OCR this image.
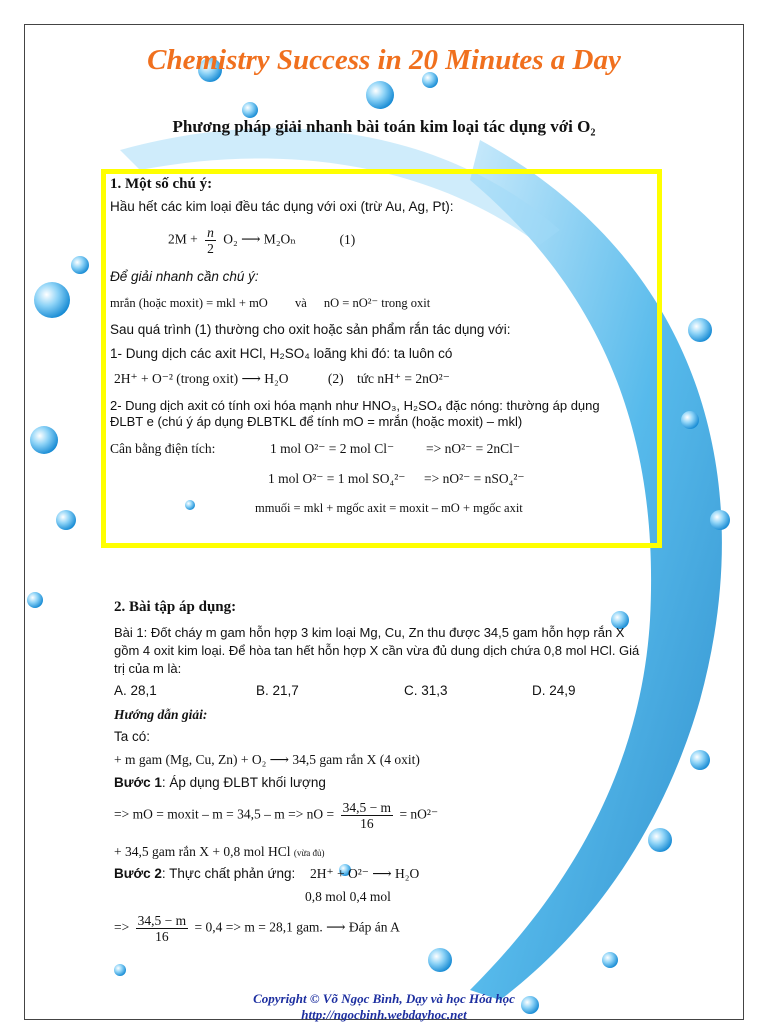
Chemistry Success in 20 Minutes a Day
Phương pháp giải nhanh bài toán kim loại tác dụng với O₂
1. Một số chú ý:
Hầu hết các kim loại đều tác dụng với oxi (trừ Au, Ag, Pt):
$2M + \frac{n}{2} O_2$ ⟶ M₂Oₙ	(1)
Để giải nhanh cần chú ý:
mrắn (hoặc moxit) = mkl + mO và nO = nO²⁻ trong oxit
Sau quá trình (1) thường cho oxit hoặc sản phẩm rắn tác dụng với:
1- Dung dịch các axit HCl, H₂SO₄ loãng khi đó: ta luôn có
2H⁺ + O⁻² (trong oxit) ⟶ H₂O	(2) tức nH⁺ = 2nO²⁻
2- Dung dịch axit có tính oxi hóa mạnh như HNO₃, H₂SO₄ đặc nóng: thường áp dụng
ĐLBT e (chú ý áp dụng ĐLBTKL để tính mO = mrắn (hoặc moxit) – mkl)
Cân bằng điện tích:	1 mol O²⁻ = 2 mol Cl⁻ => nO²⁻ = 2nCl⁻
1 mol O²⁻ = 1 mol SO₄²⁻ => nO²⁻ = nSO₄²⁻
mmuối = mkl + mgốc axit = moxit – mO + mgốc axit
2. Bài tập áp dụng:
Bài 1: Đốt cháy m gam hỗn hợp 3 kim loại Mg, Cu, Zn thu được 34,5 gam hỗn hợp rắn X
gồm 4 oxit kim loại. Để hòa tan hết hỗn hợp X cần vừa đủ dung dịch chứa 0,8 mol HCl. Giá
trị của m là:
A. 28,1	B. 21,7	C. 31,3	D. 24,9
Hướng dẫn giải:
Ta có:
+ m gam (Mg, Cu, Zn) + O₂ ⟶ 34,5 gam rắn X (4 oxit)
Bước 1: Áp dụng ĐLBT khối lượng
=> mO = moxit – m = 34,5 – m => nO = $\frac{34,5 - m}{16} = nO^{2-}$
+ 34,5 gam rắn X + 0,8 mol HCl (vừa đủ)
Bước 2: Thực chất phản ứng: 2H⁺ + O²⁻ ⟶ H₂O
0,8 mol 0,4 mol
=> $\frac{34,5 - m}{16} = 0,4 => m = 28,1$ gam. ⟶ Đáp án A
Copyright © Võ Ngọc Bình, Dạy và học Hóa học
http://ngocbinh.webdayhoc.net
